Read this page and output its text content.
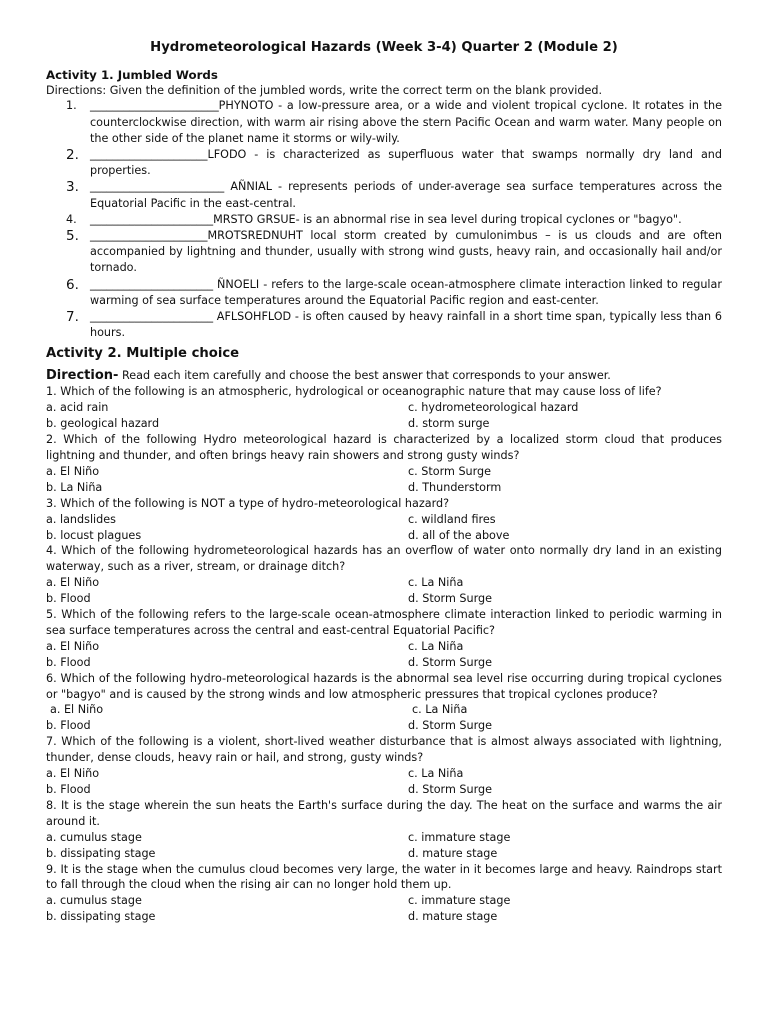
Hydrometeorological Hazards (Week 3-4) Quarter 2 (Module 2)
Activity 1. Jumbled Words
Directions: Given the definition of the jumbled words, write the correct term on the blank provided.
1. _______________________PHYNOTO - a low-pressure area, or a wide and violent tropical cyclone. It rotates in the counterclockwise direction, with warm air rising above the stern Pacific Ocean and warm water. Many people on the other side of the planet name it storms or wily-wily.
2. _____________________LFODO - is characterized as superfluous water that swamps normally dry land and properties.
3. ________________________ AÑNIAL - represents periods of under-average sea surface temperatures across the Equatorial Pacific in the east-central.
4. ______________________MRSTO GRSUE- is an abnormal rise in sea level during tropical cyclones or "bagyo".
5. _____________________MROTSREDNUHT local storm created by cumulonimbus – is us clouds and are often accompanied by lightning and thunder, usually with strong wind gusts, heavy rain, and occasionally hail and/or tornado.
6. ______________________ ÑNOELI - refers to the large-scale ocean-atmosphere climate interaction linked to regular warming of sea surface temperatures around the Equatorial Pacific region and east-center.
7. ______________________ AFLSOHFLOD - is often caused by heavy rainfall in a short time span, typically less than 6 hours.
Activity 2. Multiple choice
Direction- Read each item carefully and choose the best answer that corresponds to your answer.
1. Which of the following is an atmospheric, hydrological or oceanographic nature that may cause loss of life?
a. acid rain	c. hydrometeorological hazard
b. geological hazard	d. storm surge
2. Which of the following Hydro meteorological hazard is characterized by a localized storm cloud that produces lightning and thunder, and often brings heavy rain showers and strong gusty winds?
a. El Niño	c. Storm Surge
b. La Niña	d. Thunderstorm
3. Which of the following is NOT a type of hydro-meteorological hazard?
a. landslides	c. wildland fires
b. locust plagues	d. all of the above
4. Which of the following hydrometeorological hazards has an overflow of water onto normally dry land in an existing waterway, such as a river, stream, or drainage ditch?
a. El Niño	c. La Niña
b. Flood	d. Storm Surge
5. Which of the following refers to the large-scale ocean-atmosphere climate interaction linked to periodic warming in sea surface temperatures across the central and east-central Equatorial Pacific?
a. El Niño	c. La Niña
b. Flood	d. Storm Surge
6. Which of the following hydro-meteorological hazards is the abnormal sea level rise occurring during tropical cyclones or "bagyo" and is caused by the strong winds and low atmospheric pressures that tropical cyclones produce?
a. El Niño	c. La Niña
b. Flood	d. Storm Surge
7. Which of the following is a violent, short-lived weather disturbance that is almost always associated with lightning, thunder, dense clouds, heavy rain or hail, and strong, gusty winds?
a. El Niño	c. La Niña
b. Flood	d. Storm Surge
8. It is the stage wherein the sun heats the Earth's surface during the day. The heat on the surface and warms the air around it.
a. cumulus stage	c. immature stage
b. dissipating stage	d. mature stage
9. It is the stage when the cumulus cloud becomes very large, the water in it becomes large and heavy. Raindrops start to fall through the cloud when the rising air can no longer hold them up.
a. cumulus stage	c. immature stage
b. dissipating stage	d. mature stage
